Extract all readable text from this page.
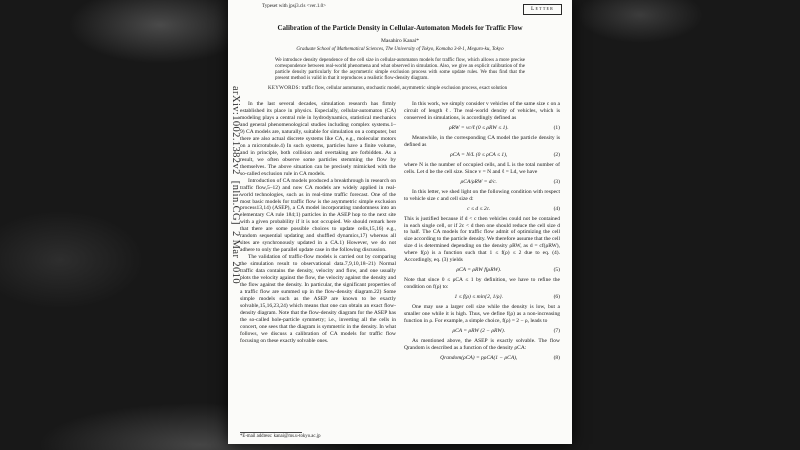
Typeset with jpsj3.cls <ver.1.0>	Letter
Calibration of the Particle Density in Cellular-Automaton Models for Traffic Flow
Masahiro Kanai*
Graduate School of Mathematical Sciences, The University of Tokyo, Komaba 3-8-1, Meguro-ku, Tokyo

We introduce density dependence of the cell size in cellular-automaton models for traffic flow, which allows a more precise correspondence between real-world phenomena and what observed in simulation. Also, we give an explicit calibration of the particle density particularly for the asymmetric simple exclusion process with some update rules. We thus find that the present method is valid in that it reproduces a realistic flow-density diagram.

KEYWORDS: traffic flow, cellular automaton, stochastic model, asymmetric simple exclusion process, exact solution

In the last several decades, simulation research has firmly established its place in physics. Especially, cellular-automaton (CA) modeling plays a central role in hydrodynamics, statistical mechanics and general phenomenological studies including complex systems.1–9) CA models are, naturally, suitable for simulation on a computer, but there are also actual discrete systems like CA, e.g., molecular motors on a microtubule.4) In such systems, particles have a finite volume, and in principle, both collision and overtaking are forbidden. As a result, we often observe some particles stemming the flow by themselves. The above situation can be precisely mimicked with the so-called exclusion rule in CA models.

Introduction of CA models produced a breakthrough in research on traffic flow,5–12) and now CA models are widely applied in real-world technologies, such as in real-time traffic forecast. One of the most basic models for traffic flow is the asymmetric simple exclusion process13,14) (ASEP), a CA model incorporating randomness into an elementary CA rule 184;1) particles in the ASEP hop to the next site with a given probability if it is not occupied. We should remark here that there are some possible choices to update cells,15,16) e.g., random sequential updating and shuffled dynamics,17) whereas all sites are synchronously updated in a CA.1) However, we do not adhere to only the parallel update case in the following discussion.

The validation of traffic-flow models is carried out by comparing the simulation result to observational data.7,9,10,18–21) Normal traffic data contains the density, velocity and flow, and one usually plots the velocity against the flow, the velocity against the density and the flow against the density. In particular, the significant properties of a traffic flow are summed up in the flow-density diagram.22) Some simple models such as the ASEP are known to be exactly solvable,15,16,23,24) which means that one can obtain an exact flow-density diagram. Note that the flow-density diagram for the ASEP has the so-called hole-particle symmetry; i.e., inverting all the cells in concert, one sees that the diagram is symmetric in the density. In what follows, we discuss a calibration of CA models for traffic flow focusing on these exactly solvable ones.

In this work, we simply consider v vehicles of the same size c on a circuit of length ℓ. The real-world density of vehicles, which is conserved in simulations, is accordingly defined as

ρRW = vc/ℓ (0 ≤ ρRW ≤ 1).	(1)

Meanwhile, in the corresponding CA model the particle density is defined as

ρCA = N/L (0 ≤ ρCA ≤ 1),	(2)

where N is the number of occupied cells, and L is the total number of cells. Let d be the cell size. Since v = N and ℓ = Ld, we have

ρCA/ρRW = d/c.	(3)

In this letter, we shed light on the following condition with respect to vehicle size c and cell size d:

c ≤ d ≤ 2c.	(4)

This is justified because if d < c then vehicles could not be contained in each single cell, or if 2c < d then one should reduce the cell size d to half. The CA models for traffic flow admit of optimizing the cell size according to the particle density. We therefore assume that the cell size d is determined depending on the density ρRW, as d = cf(ρRW), where f(ρ) is a function such that 1 ≤ f(ρ) ≤ 2 due to eq. (4). Accordingly, eq. (3) yields

ρCA = ρRW f(ρRW).	(5)

Note that since 0 ≤ ρCA ≤ 1 by definition, we have to refine the condition on f(ρ) to:

1 ≤ f(ρ) ≤ min{2, 1/ρ}.	(6)

One may use a larger cell size while the density is low, but a smaller one while it is high. Thus, we define f(ρ) as a non-increasing function in ρ. For example, a simple choice, f(ρ) = 2 − ρ, leads to

ρCA = ρRW (2 − ρRW).	(7)

As mentioned above, the ASEP is exactly solvable. The flow Qrandom is described as a function of the density ρCA:

Qrandom(ρCA) = pρCA(1 − ρCA),	(8)
*E-mail address: kanai@ms.u-tokyo.ac.jp
arXiv:1002.1382v2  [nlin.CG]  2 Mar 2010
